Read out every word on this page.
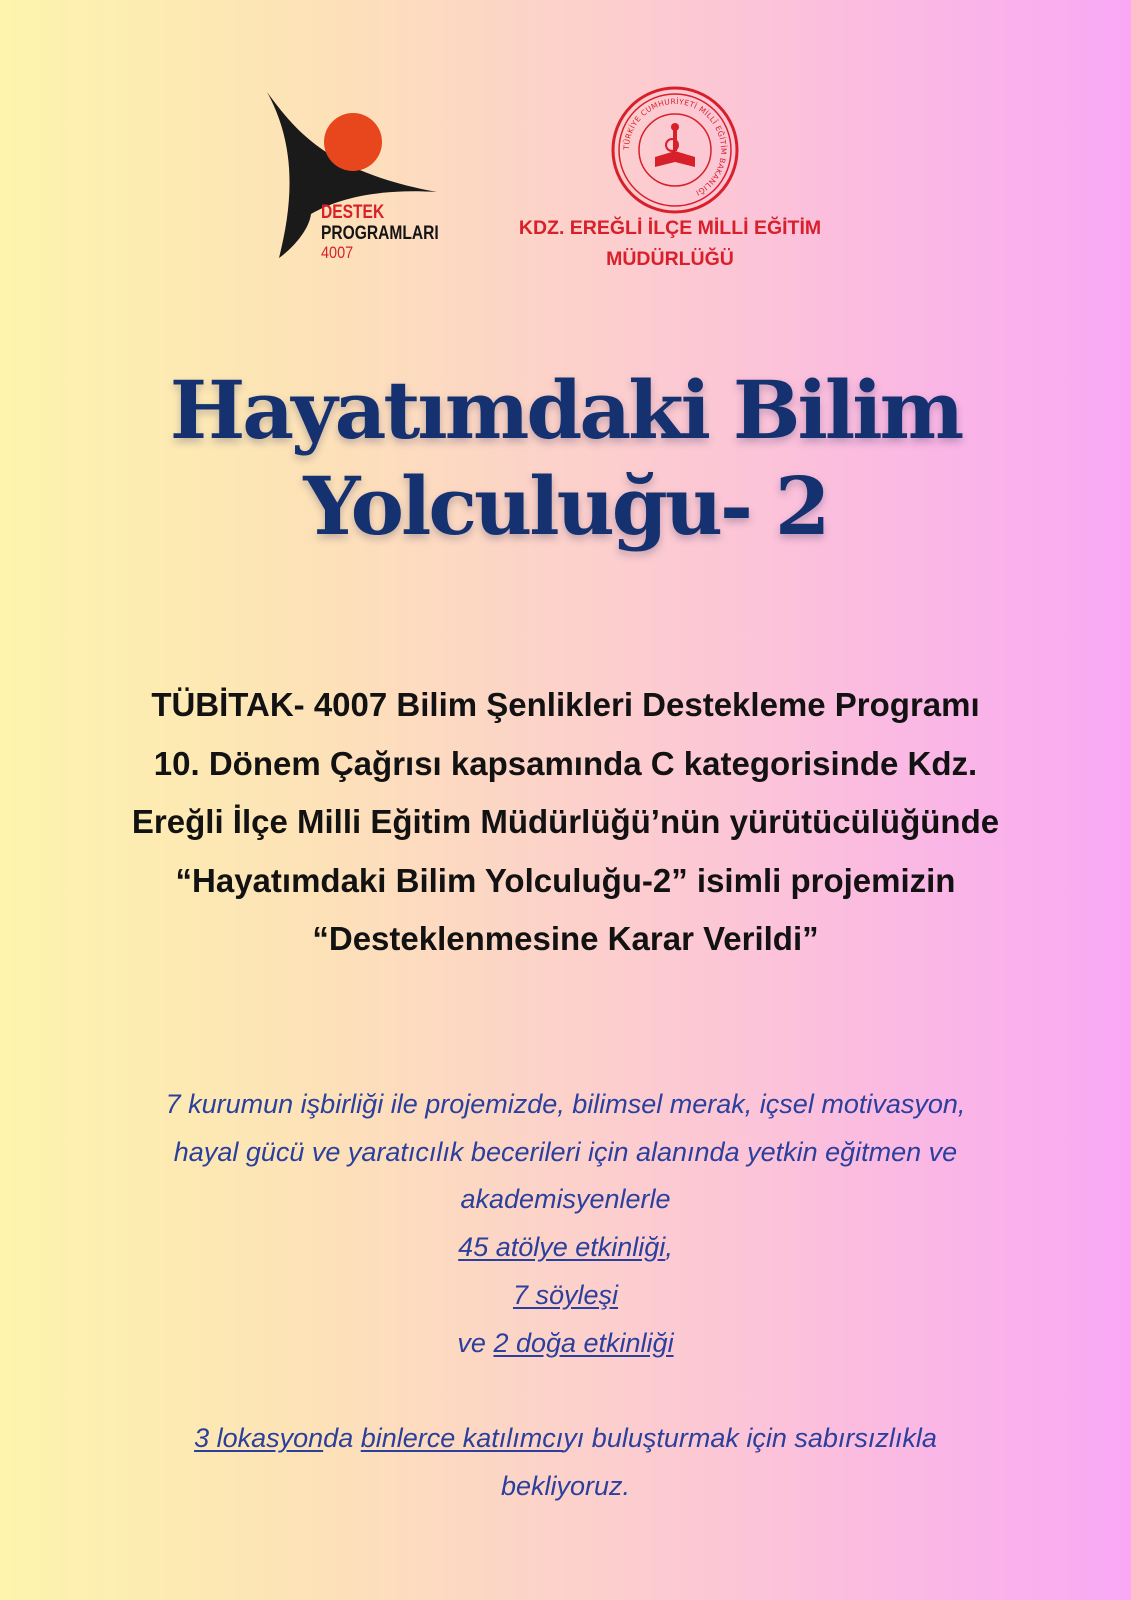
DESTEK
PROGRAMLARI
4007
TÜRKİYE CUMHURİYETİ MİLLÎ EĞİTİM BAKANLIĞI
KDZ. EREĞLİ İLÇE MİLLİ EĞİTİM
MÜDÜRLÜĞÜ
Hayatımdaki Bilim
Yolculuğu- 2
TÜBİTAK- 4007 Bilim Şenlikleri Destekleme Programı
10. Dönem Çağrısı kapsamında C kategorisinde Kdz.
Ereğli İlçe Milli Eğitim Müdürlüğü’nün yürütücülüğünde
“Hayatımdaki Bilim Yolculuğu-2” isimli projemizin
“Desteklenmesine Karar Verildi”

7 kurumun işbirliği ile projemizde, bilimsel merak, içsel motivasyon,

hayal gücü ve yaratıcılık becerileri için alanında yetkin eğitmen ve

akademisyenlerle

45 atölye etkinliği,

7 söyleşi

ve 2 doğa etkinliği

3 lokasyonda binlerce katılımcıyı buluşturmak için sabırsızlıkla

bekliyoruz.
